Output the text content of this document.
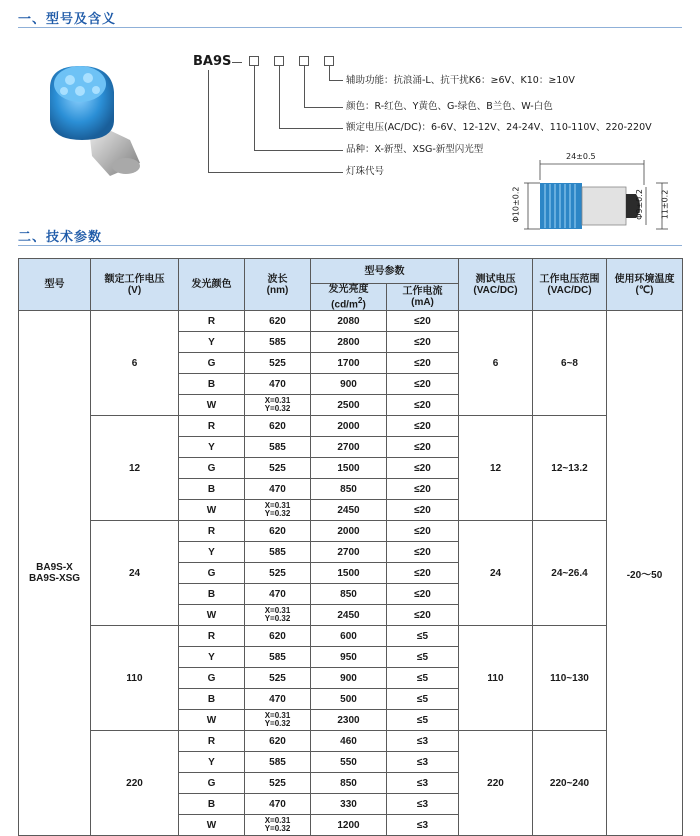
一、型号及含义
BA9S
辅助功能：抗浪涌-L、抗干扰K6：≥6V、K10：≥10V
颜色：R-红色、Y黄色、G-绿色、B兰色、W-白色
额定电压(AC/DC)：6-6V、12-12V、24-24V、110-110V、220-220V
品种：X-新型、XSG-新型闪光型
灯珠代号
24±0.5
Φ10±0.2	Φ9±0.2 11±0.2
二、技术参数
型号	额定工作电压
(V)	发光颜色	波长
(nm)	型号参数		测试电压
(VAC/DC)	工作电压范围
(VAC/DC)	使用环境温度
(℃)
				发光亮度
$(cd/m^2)$	工作电流
(mA)			
BA9S-X
BA9S-XSG	6	R	620	2080	≤20	6	6~8	-20～50
		Y	585	2800	≤20			
		G	525	1700	≤20			
		B	470	900	≤20			
		W	X=0.31
Y=0.32	2500	≤20			
	12	R	620	2000	≤20	12	12~13.2	
		Y	585	2700	≤20			
		G	525	1500	≤20			
		B	470	850	≤20			
		W	X=0.31
Y=0.32	2450	≤20			
	24	R	620	2000	≤20	24	24~26.4	
		Y	585	2700	≤20			
		G	525	1500	≤20			
		B	470	850	≤20			
		W	X=0.31
Y=0.32	2450	≤20			
	110	R	620	600	≤5	110	110~130	
		Y	585	950	≤5			
		G	525	900	≤5			
		B	470	500	≤5			
		W	X=0.31
Y=0.32	2300	≤5			
	220	R	620	460	≤3	220	220~240	
		Y	585	550	≤3			
		G	525	850	≤3			
		B	470	330	≤3			
		W	X=0.31
Y=0.32	1200	≤3			
